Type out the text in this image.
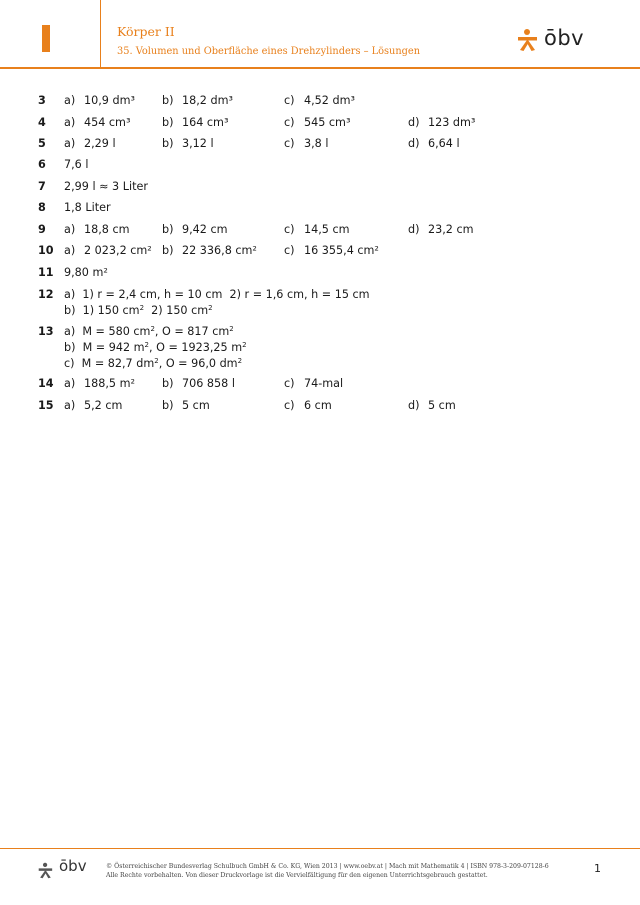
Körper II
35. Volumen und Oberfläche eines Drehzylinders – Lösungen
ōbv
3 a) 10,9 dm³ b) 18,2 dm³	c) 4,52 dm³
4 a) 454 cm³	b) 164 cm³	c) 545 cm³	d) 123 dm³
5 a) 2,29 l	b) 3,12 l	c) 3,8 l	d) 6,64 l
6 7,6 l
7 2,99 l ≈ 3 Liter
8 1,8 Liter
9 a) 18,8 cm	b) 9,42 cm	c) 14,5 cm	d) 23,2 cm
10 a) 2 023,2 cm² b) 22 336,8 cm² c) 16 355,4 cm²
11 9,80 m²
12 a)  1) r = 2,4 cm, h = 10 cm  2) r = 1,6 cm, h = 15 cm
b)  1) 150 $cm^2$  2) 150 $cm^2$
13 a)  M = 580 $cm^2$, O = 817 $cm^2$
b)  M = 942 $m^2$, O = 1923,25 $m^2$
c)  M = 82,7 $dm^2$, O = 96,0 $dm^2$
14 a) 188,5 m² b) 706 858 l	c) 74-mal
15 a) 5,2 cm	b) 5 cm	c) 6 cm	d) 5 cm
ōbv	© Österreichischer Bundesverlag Schulbuch GmbH & Co. KG, Wien 2013 | www.oebv.at | Mach mit Mathematik 4 | ISBN 978-3-209-07128-6
Alle Rechte vorbehalten. Von dieser Druckvorlage ist die Vervielfältigung für den eigenen Unterrichtsgebrauch gestattet.
1
